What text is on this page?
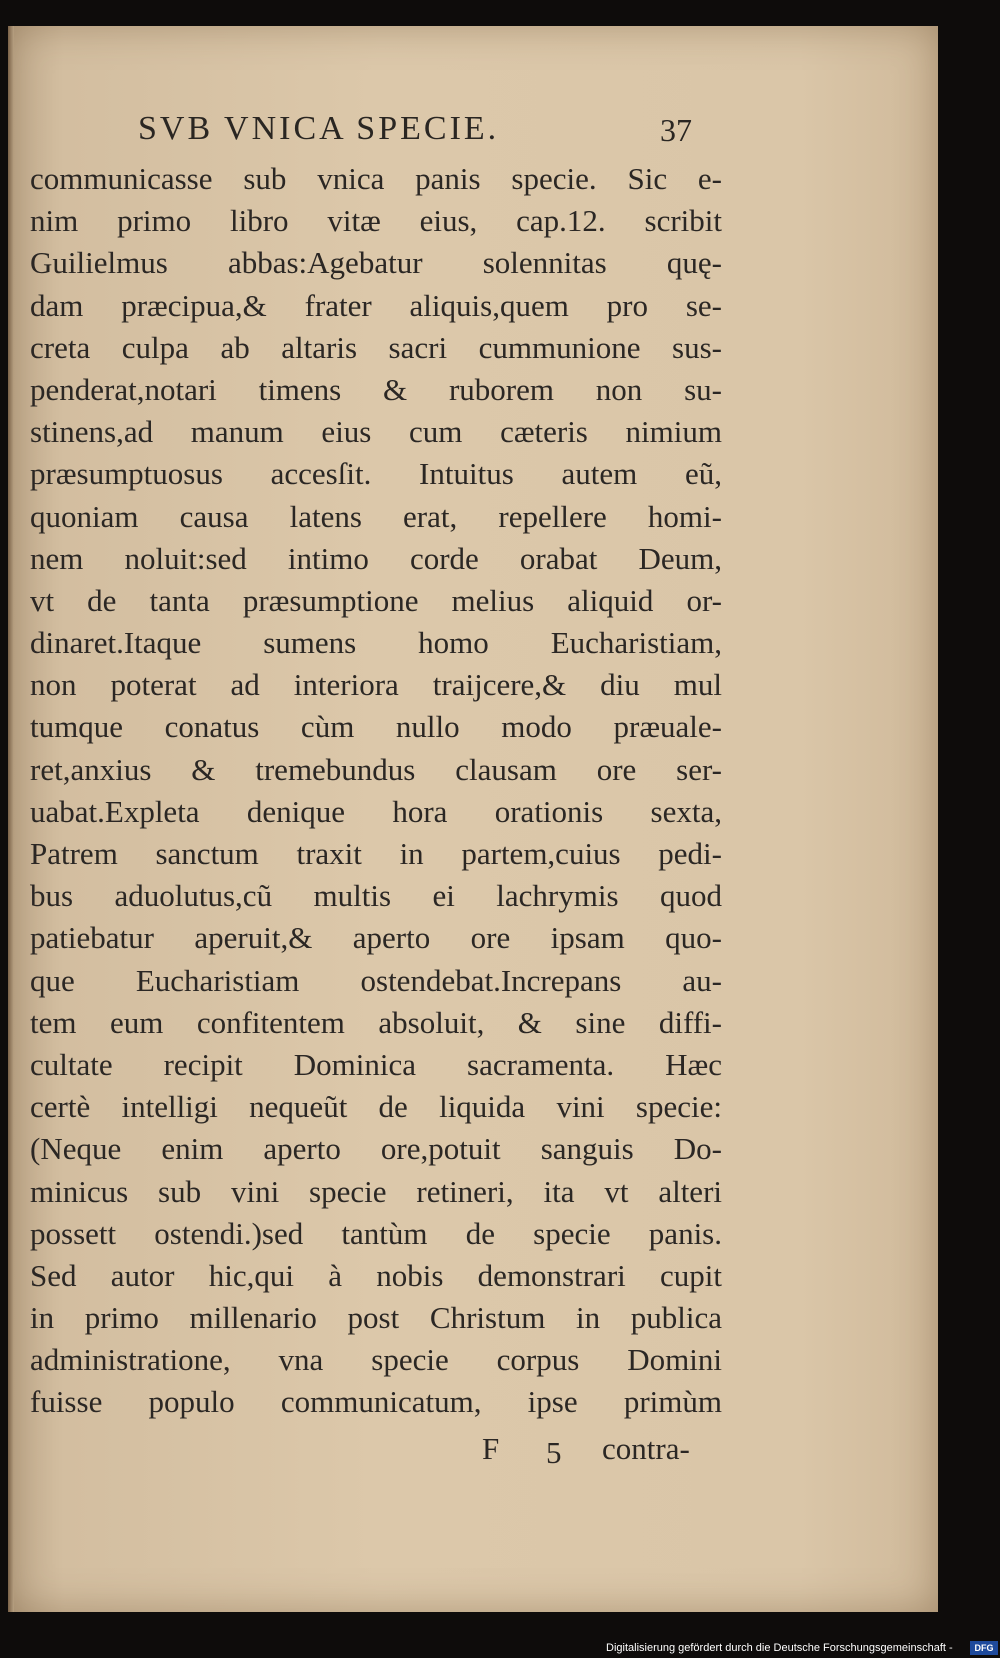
SVB VNICA SPECIE.	37
communicasse sub vnica panis specie. Sic e-
nim primo libro vitæ eius, cap.12. scribit
Guilielmus abbas:Agebatur solennitas quę-
dam præcipua,& frater aliquis,quem pro se-
creta culpa ab altaris sacri cummunione sus-
penderat,notari timens & ruborem non su-
stinens,ad manum eius cum cæteris nimium
præsumptuosus accesſit. Intuitus autem eũ,
quoniam causa latens erat, repellere homi-
nem noluit:sed intimo corde orabat Deum,
vt de tanta præsumptione melius aliquid or-
dinaret.Itaque sumens homo Eucharistiam,
non poterat ad interiora traijcere,& diu mul
tumque conatus cùm nullo modo præuale-
ret,anxius & tremebundus clausam ore ser-
uabat.Expleta denique hora orationis sexta,
Patrem sanctum traxit in partem,cuius pedi-
bus aduolutus,cũ multis ei lachrymis quod
patiebatur aperuit,& aperto ore ipsam quo-
que Eucharistiam ostendebat.Increpans au-
tem eum confitentem absoluit, & sine diffi-
cultate recipit Dominica sacramenta. Hæc
certè intelligi nequeũt de liquida vini specie:
(Neque enim aperto ore,potuit sanguis Do-
minicus sub vini specie retineri, ita vt alteri
possett ostendi.)sed tantùm de specie panis.
Sed autor hic,qui à nobis demonstrari cupit
in primo millenario post Christum in publica
administratione, vna specie corpus Domini
fuisse populo communicatum, ipse primùm
F 5 contra-
Digitalisierung gefördert durch die Deutsche Forschungsgemeinschaft -	DFG
